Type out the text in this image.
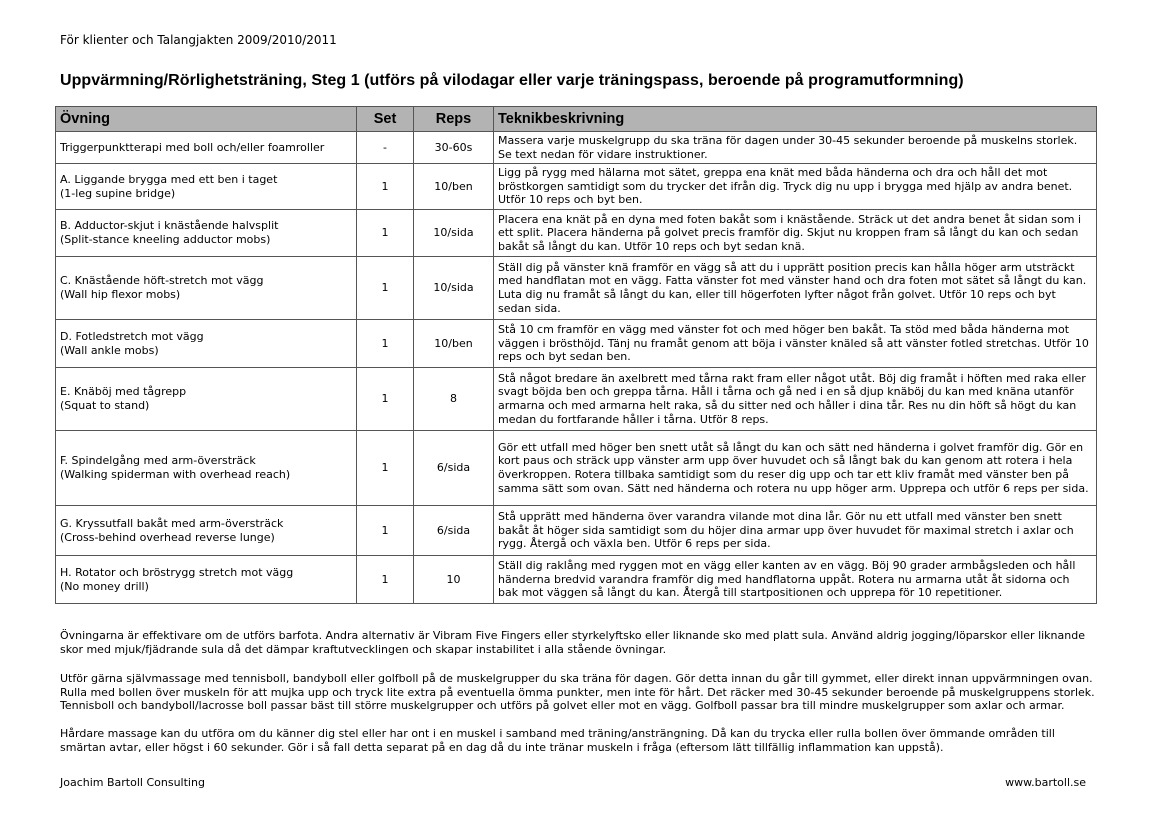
För klienter och Talangjakten 2009/2010/2011
Uppvärmning/Rörlighetsträning, Steg 1 (utförs på vilodagar eller varje träningspass, beroende på programutformning)
Övning	Set	Reps	Teknikbeskrivning

Triggerpunktterapi med boll och/eller foamroller	-	30-60s	Massera varje muskelgrupp du ska träna för dagen under 30-45 sekunder beroende på muskelns storlek. Se text nedan för vidare instruktioner.

A. Liggande brygga med ett ben i taget
(1-leg supine bridge)	1	10/ben	Ligg på rygg med hälarna mot sätet, greppa ena knät med båda händerna och dra och håll det mot bröstkorgen samtidigt som du trycker det ifrån dig. Tryck dig nu upp i brygga med hjälp av andra benet. Utför 10 reps och byt ben.

B. Adductor-skjut i knästående halvsplit
(Split-stance kneeling adductor mobs)	1	10/sida	Placera ena knät på en dyna med foten bakåt som i knästående. Sträck ut det andra benet åt sidan som i ett split. Placera händerna på golvet precis framför dig. Skjut nu kroppen fram så långt du kan och sedan bakåt så långt du kan. Utför 10 reps och byt sedan knä.

C. Knästående höft-stretch mot vägg
(Wall hip flexor mobs)	1	10/sida	Ställ dig på vänster knä framför en vägg så att du i upprätt position precis kan hålla höger arm utsträckt med handflatan mot en vägg. Fatta vänster fot med vänster hand och dra foten mot sätet så långt du kan. Luta dig nu framåt så långt du kan, eller till högerfoten lyfter något från golvet. Utför 10 reps och byt sedan sida.

D. Fotledstretch mot vägg
(Wall ankle mobs)	1	10/ben	Stå 10 cm framför en vägg med vänster fot och med höger ben bakåt. Ta stöd med båda händerna mot väggen i brösthöjd. Tänj nu framåt genom att böja i vänster knäled så att vänster fotled stretchas. Utför 10 reps och byt sedan ben.

E. Knäböj med tågrepp
(Squat to stand)	1	8	Stå något bredare än axelbrett med tårna rakt fram eller något utåt. Böj dig framåt i höften med raka eller svagt böjda ben och greppa tårna. Håll i tårna och gå ned i en så djup knäböj du kan med knäna utanför armarna och med armarna helt raka, så du sitter ned och håller i dina tår. Res nu din höft så högt du kan medan du fortfarande håller i tårna. Utför 8 reps.

F. Spindelgång med arm-översträck
(Walking spiderman with overhead reach)	1	6/sida	Gör ett utfall med höger ben snett utåt så långt du kan och sätt ned händerna i golvet framför dig. Gör en kort paus och sträck upp vänster arm upp över huvudet och så långt bak du kan genom att rotera i hela överkroppen. Rotera tillbaka samtidigt som du reser dig upp och tar ett kliv framåt med vänster ben på samma sätt som ovan. Sätt ned händerna och rotera nu upp höger arm. Upprepa och utför 6 reps per sida.

G. Kryssutfall bakåt med arm-översträck
(Cross-behind overhead reverse lunge)	1	6/sida	Stå upprätt med händerna över varandra vilande mot dina lår. Gör nu ett utfall med vänster ben snett bakåt åt höger sida samtidigt som du höjer dina armar upp över huvudet för maximal stretch i axlar och rygg. Återgå och växla ben. Utför 6 reps per sida.

H. Rotator och bröstrygg stretch mot vägg
(No money drill)	1	10	Ställ dig raklång med ryggen mot en vägg eller kanten av en vägg. Böj 90 grader armbågsleden och håll händerna bredvid varandra framför dig med handflatorna uppåt. Rotera nu armarna utåt åt sidorna och bak mot väggen så långt du kan. Återgå till startpositionen och upprepa för 10 repetitioner.
Övningarna är effektivare om de utförs barfota. Andra alternativ är Vibram Five Fingers eller styrkelyftsko eller liknande sko med platt sula. Använd aldrig jogging/löparskor eller liknande skor med mjuk/fjädrande sula då det dämpar kraftutvecklingen och skapar instabilitet i alla stående övningar.
Utför gärna självmassage med tennisboll, bandyboll eller golfboll på de muskelgrupper du ska träna för dagen. Gör detta innan du går till gymmet, eller direkt innan uppvärmningen ovan. Rulla med bollen över muskeln för att mujka upp och tryck lite extra på eventuella ömma punkter, men inte för hårt. Det räcker med 30-45 sekunder beroende på muskelgruppens storlek. Tennisboll och bandyboll/lacrosse boll passar bäst till större muskelgrupper och utförs på golvet eller mot en vägg. Golfboll passar bra till mindre muskelgrupper som axlar och armar.
Hårdare massage kan du utföra om du känner dig stel eller har ont i en muskel i samband med träning/ansträngning. Då kan du trycka eller rulla bollen över ömmande områden till smärtan avtar, eller högst i 60 sekunder. Gör i så fall detta separat på en dag då du inte tränar muskeln i fråga (eftersom lätt tillfällig inflammation kan uppstå).
Joachim Bartoll Consulting	www.bartoll.se
